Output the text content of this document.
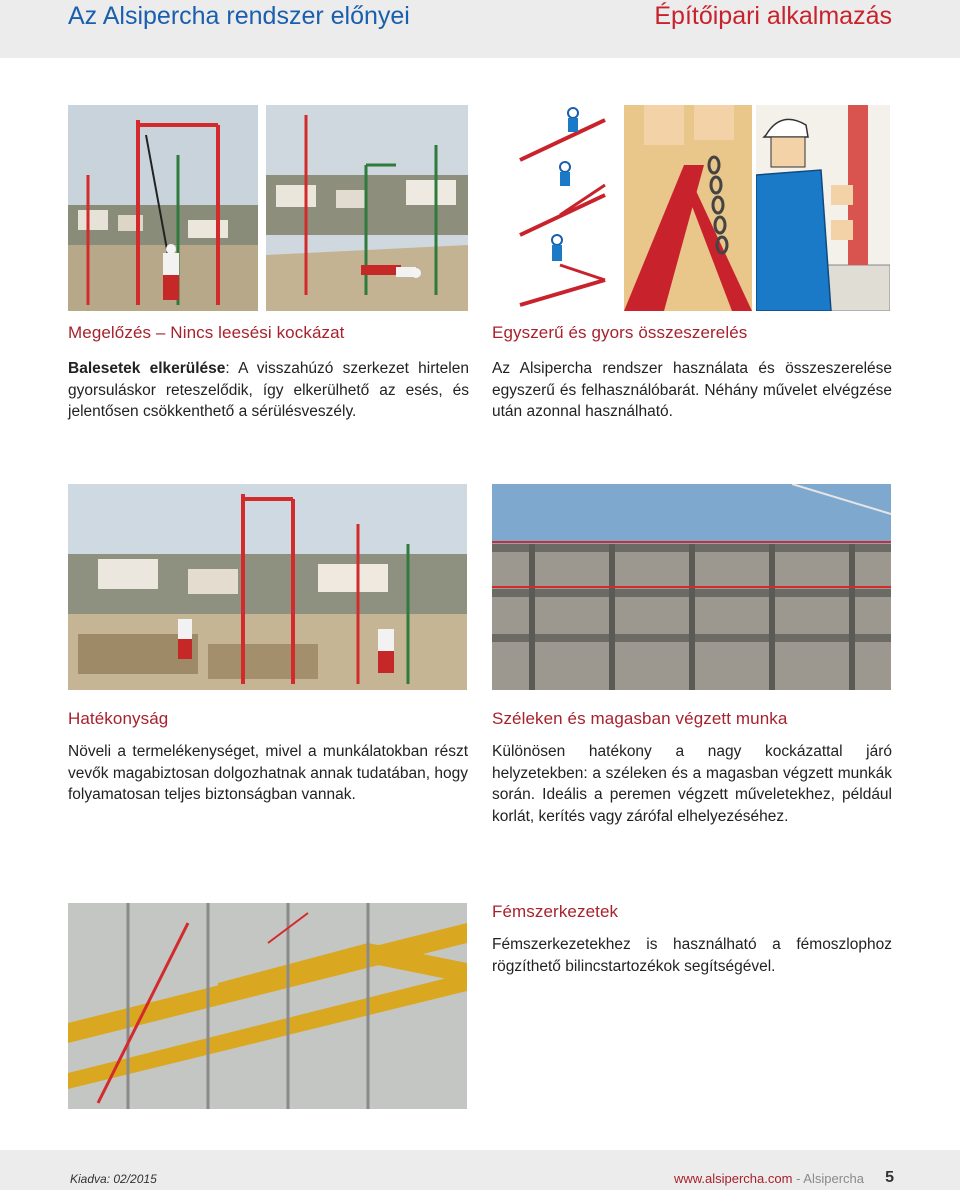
Az Alsipercha rendszer előnyei	Építőipari alkalmazás
Megelőzés – Nincs leesési kockázat
Balesetek elkerülése: A visszahúzó szerkezet hirtelen gyorsuláskor reteszelődik, így elkerülhető az esés, és jelentősen csökkenthető a sérülésveszély.
Egyszerű és gyors összeszerelés
Az Alsipercha rendszer használata és összeszerelése egyszerű és felhasználóbarát. Néhány művelet elvégzése után azonnal használható.
Hatékonyság
Növeli a termelékenységet, mivel a munkálatokban részt vevők magabiztosan dolgozhatnak annak tudatában, hogy folyamatosan teljes biztonságban vannak.
Széleken és magasban végzett munka
Különösen hatékony a nagy kockázattal járó helyzetekben: a széleken és a magasban végzett munkák során. Ideális a peremen végzett műveletekhez, például korlát, kerítés vagy zárófal elhelyezéséhez.
Fémszerkezetek
Fémszerkezetekhez is használható a fémoszlophoz rögzíthető bilincstartozékok segítségével.
Kiadva: 02/2015	www.alsipercha.com - Alsipercha 5
